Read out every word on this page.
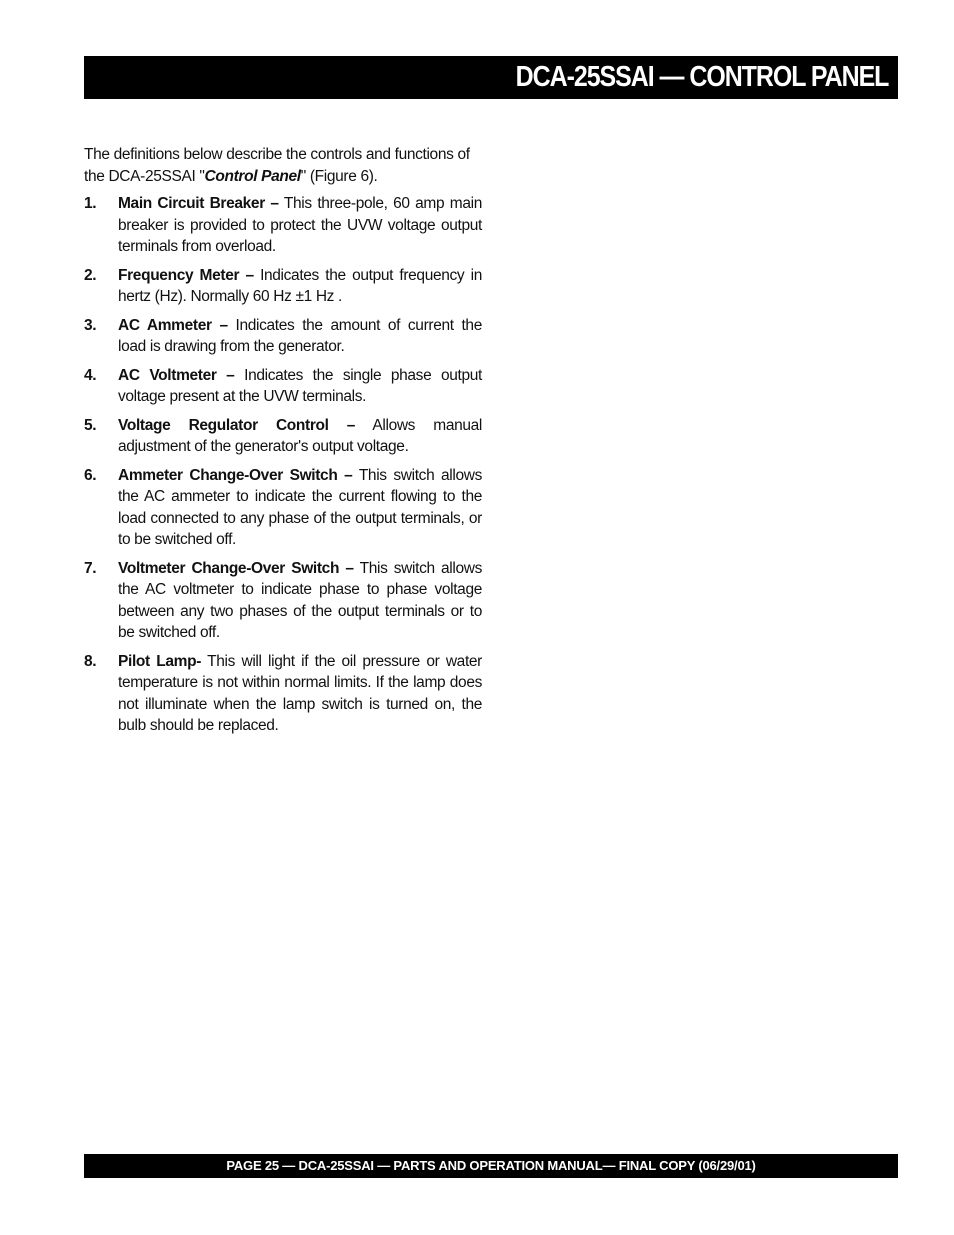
DCA-25SSAI — CONTROL PANEL

The definitions below describe the controls and functions of the DCA-25SSAI "Control Panel" (Figure 6).

1. Main Circuit Breaker – This three-pole, 60 amp main breaker is provided to protect the UVW voltage output terminals from overload.
2. Frequency Meter – Indicates the output frequency in hertz (Hz). Normally 60 Hz ±1 Hz .
3. AC Ammeter – Indicates the amount of current the load is drawing from the generator.
4. AC Voltmeter – Indicates the single phase output voltage present at the UVW terminals.
5. Voltage Regulator Control – Allows manual adjustment of the generator's output voltage.
6. Ammeter Change-Over Switch – This switch allows the AC ammeter to indicate the current flowing to the load connected to any phase of the output terminals, or to be switched off.
7. Voltmeter Change-Over Switch – This switch allows the AC voltmeter to indicate phase to phase voltage between any two phases of the output terminals or to be switched off.
8. Pilot Lamp- This will light if the oil pressure or water temperature is not within normal limits. If the lamp does not illuminate when the lamp switch is turned on, the bulb should be replaced.
PAGE 25 — DCA-25SSAI — PARTS AND OPERATION MANUAL— FINAL COPY (06/29/01)
